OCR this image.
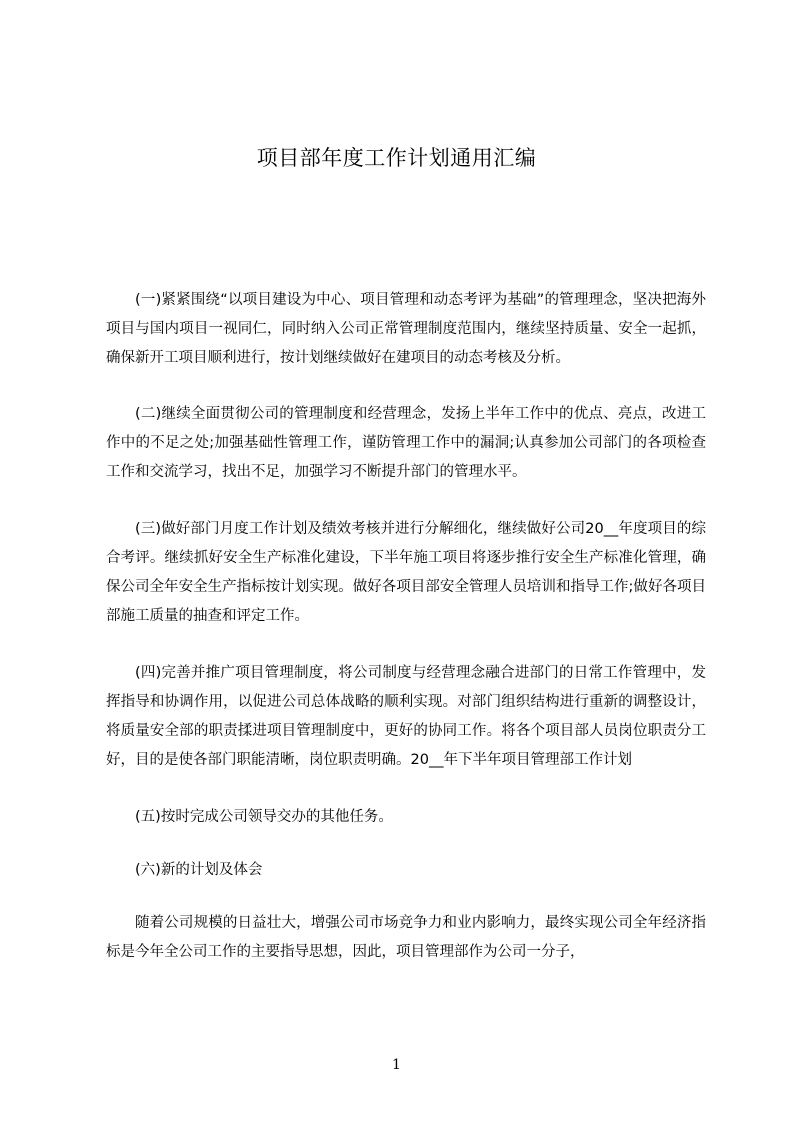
项目部年度工作计划通用汇编

(一)紧紧围绕“以项目建设为中心、项目管理和动态考评为基础”的管理理念，坚决把海外项目与国内项目一视同仁，同时纳入公司正常管理制度范围内，继续坚持质量、安全一起抓，确保新开工项目顺利进行，按计划继续做好在建项目的动态考核及分析。

(二)继续全面贯彻公司的管理制度和经营理念，发扬上半年工作中的优点、亮点，改进工作中的不足之处;加强基础性管理工作，谨防管理工作中的漏洞;认真参加公司部门的各项检查工作和交流学习，找出不足，加强学习不断提升部门的管理水平。

(三)做好部门月度工作计划及绩效考核并进行分解细化，继续做好公司20__年度项目的综合考评。继续抓好安全生产标准化建设，下半年施工项目将逐步推行安全生产标准化管理，确保公司全年安全生产指标按计划实现。做好各项目部安全管理人员培训和指导工作;做好各项目部施工质量的抽查和评定工作。

(四)完善并推广项目管理制度，将公司制度与经营理念融合进部门的日常工作管理中，发挥指导和协调作用，以促进公司总体战略的顺利实现。对部门组织结构进行重新的调整设计，将质量安全部的职责揉进项目管理制度中，更好的协同工作。将各个项目部人员岗位职责分工好，目的是使各部门职能清晰，岗位职责明确。20__年下半年项目管理部工作计划

(五)按时完成公司领导交办的其他任务。

(六)新的计划及体会

随着公司规模的日益壮大，增强公司市场竞争力和业内影响力，最终实现公司全年经济指标是今年全公司工作的主要指导思想，因此，项目管理部作为公司一分子，

1
